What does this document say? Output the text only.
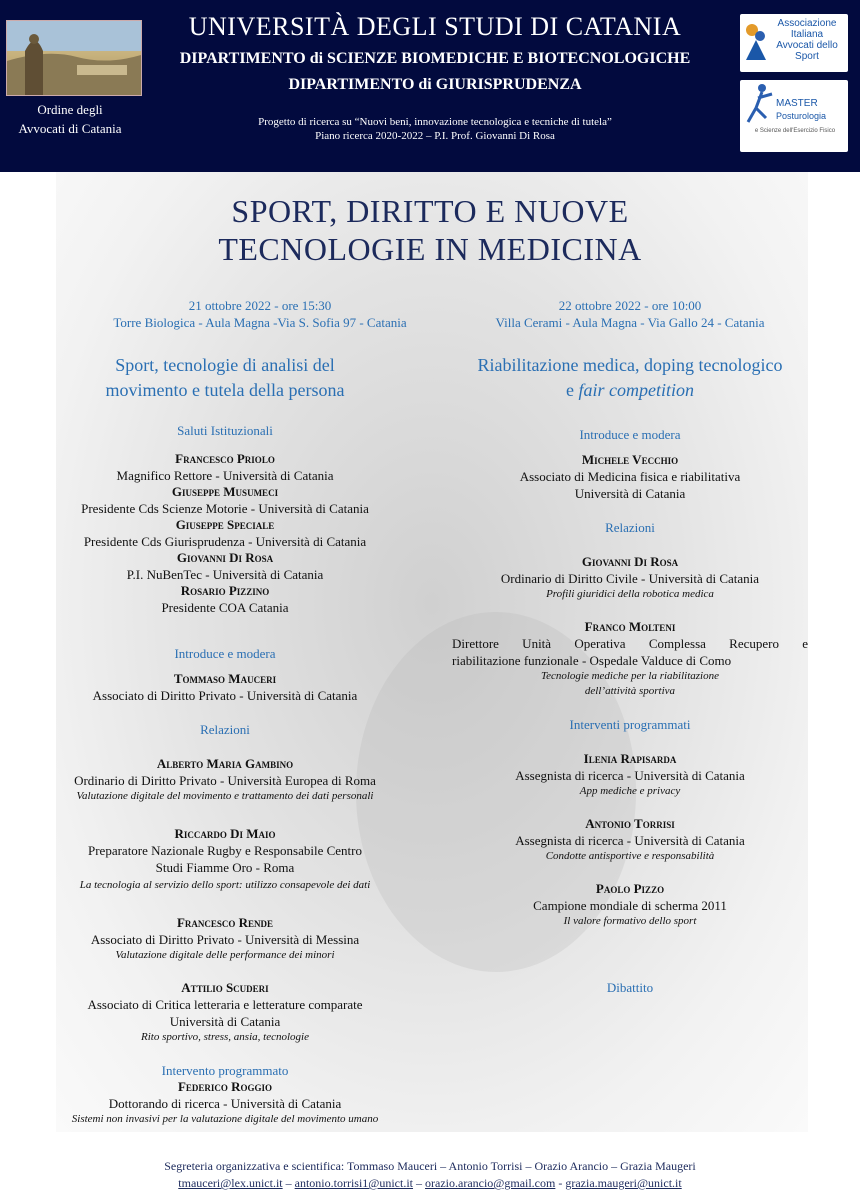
Ordine degli
Avvocati di Catania
UNIVERSITÀ DEGLI STUDI DI CATANIA
DIPARTIMENTO di SCIENZE BIOMEDICHE E BIOTECNOLOGICHE
DIPARTIMENTO di GIURISPRUDENZA
Progetto di ricerca su “Nuovi beni, innovazione tecnologica e tecniche di tutela”
Piano ricerca 2020-2022 – P.I. Prof. Giovanni Di Rosa
Associazione
Italiana
Avvocati dello Sport
MASTER
Posturologia
e Scienze dell'Esercizio Fisico
SPORT, DIRITTO E NUOVE
TECNOLOGIE IN MEDICINA
21 ottobre 2022 - ore 15:30
Torre Biologica - Aula Magna -Via S. Sofia 97 - Catania
Sport, tecnologie di analisi del
movimento e tutela della persona
Saluti Istituzionali
Francesco Priolo
Magnifico Rettore - Università di Catania
Giuseppe Musumeci
Presidente Cds Scienze Motorie - Università di Catania
Giuseppe Speciale
Presidente Cds Giurisprudenza - Università di Catania
Giovanni Di Rosa
P.I. NuBenTec - Università di Catania
Rosario Pizzino
Presidente COA Catania
Introduce e modera
Tommaso Mauceri
Associato di Diritto Privato - Università di Catania
Relazioni
Alberto Maria Gambino
Ordinario di Diritto Privato - Università Europea di Roma
Valutazione digitale del movimento e trattamento dei dati personali
Riccardo Di Maio
Preparatore Nazionale Rugby e Responsabile Centro
Studi Fiamme Oro - Roma
La tecnologia al servizio dello sport: utilizzo consapevole dei dati
Francesco Rende
Associato di Diritto Privato - Università di Messina
Valutazione digitale delle performance dei minori
Attilio Scuderi
Associato di Critica letteraria e letterature comparate
Università di Catania
Rito sportivo, stress, ansia, tecnologie
Intervento programmato
Federico Roggio
Dottorando di ricerca - Università di Catania
Sistemi non invasivi per la valutazione digitale del movimento umano
22 ottobre 2022 - ore 10:00
Villa Cerami - Aula Magna - Via Gallo 24 - Catania
Riabilitazione medica, doping tecnologico
e fair competition
Introduce e modera
Michele Vecchio
Associato di Medicina fisica e riabilitativa
Università di Catania
Relazioni
Giovanni Di Rosa
Ordinario di Diritto Civile - Università di Catania
Profili giuridici della robotica medica
Franco Molteni
Direttore Unità Operativa Complessa Recupero e
riabilitazione funzionale - Ospedale Valduce di Como
Tecnologie mediche per la riabilitazione
dell’attività sportiva
Interventi programmati
Ilenia Rapisarda
Assegnista di ricerca - Università di Catania
App mediche e privacy
Antonio Torrisi
Assegnista di ricerca - Università di Catania
Condotte antisportive e responsabilità
Paolo Pizzo
Campione mondiale di scherma 2011
Il valore formativo dello sport
Dibattito
Segreteria organizzativa e scientifica: Tommaso Mauceri – Antonio Torrisi – Orazio Arancio – Grazia Maugeri
tmauceri@lex.unict.it – antonio.torrisi1@unict.it – orazio.arancio@gmail.com - grazia.maugeri@unict.it
